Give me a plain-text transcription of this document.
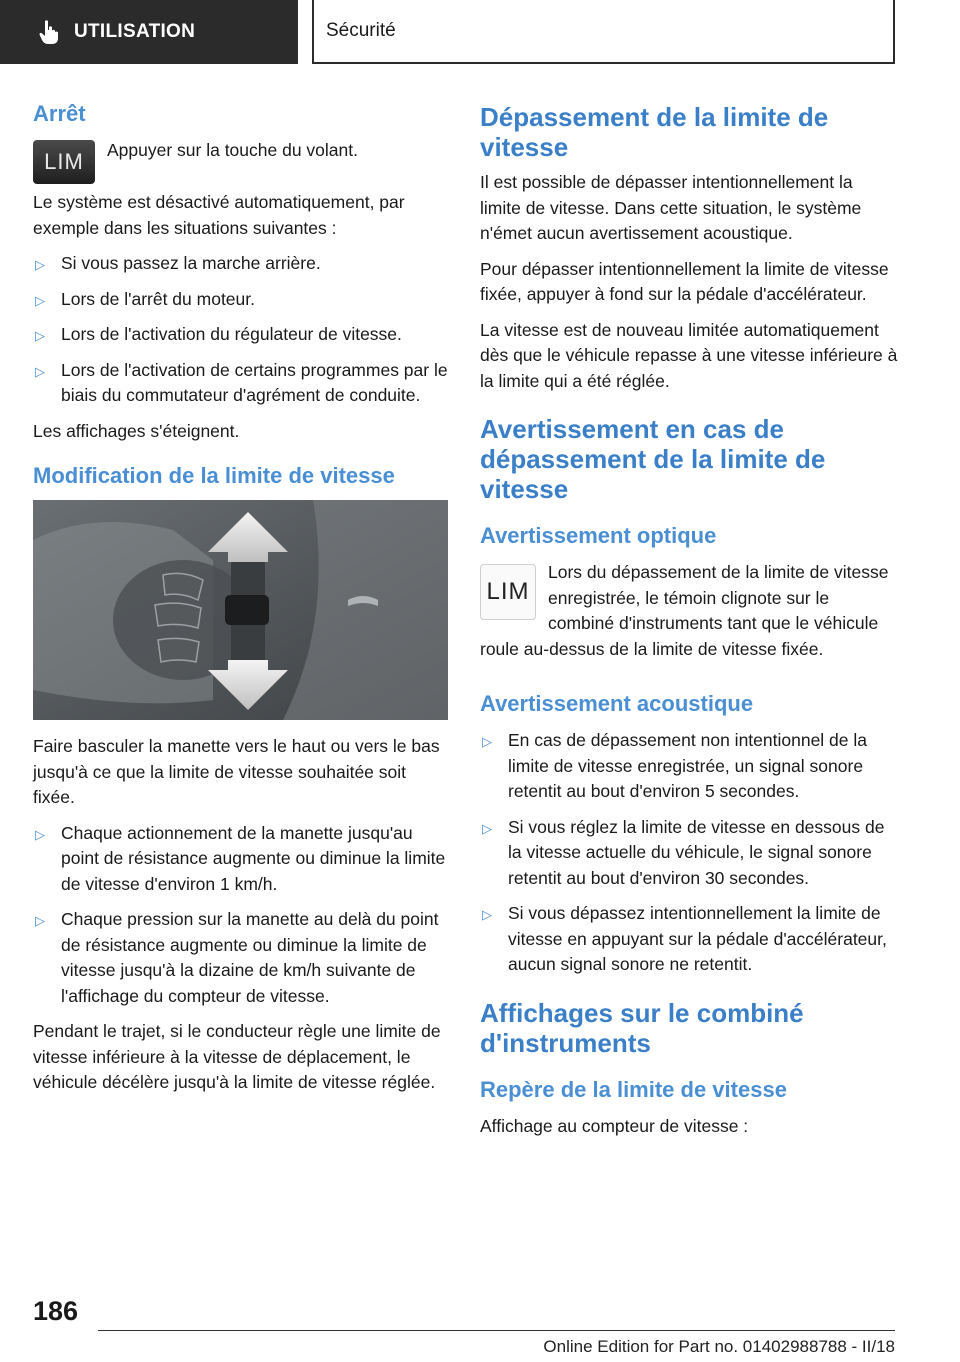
UTILISATION	Sécurité
Arrêt
LIM	Appuyer sur la touche du volant.

Le système est désactivé automatiquement, par exemple dans les situations suivantes :

▷ Si vous passez la marche arrière.
▷ Lors de l'arrêt du moteur.
▷ Lors de l'activation du régulateur de vitesse.
▷ Lors de l'activation de certains programmes par le biais du commutateur d'agrément de conduite.

Les affichages s'éteignent.

Modification de la limite de vitesse

Faire basculer la manette vers le haut ou vers le bas jusqu'à ce que la limite de vitesse souhaitée soit fixée.

▷ Chaque actionnement de la manette jusqu'au point de résistance augmente ou diminue la limite de vitesse d'environ 1 km/h.
▷ Chaque pression sur la manette au delà du point de résistance augmente ou diminue la limite de vitesse jusqu'à la dizaine de km/h suivante de l'affichage du compteur de vitesse.

Pendant le trajet, si le conducteur règle une limite de vitesse inférieure à la vitesse de déplacement, le véhicule décélère jusqu'à la limite de vitesse réglée.

Dépassement de la limite de vitesse

Il est possible de dépasser intentionnellement la limite de vitesse. Dans cette situation, le système n'émet aucun avertissement acoustique.

Pour dépasser intentionnellement la limite de vitesse fixée, appuyer à fond sur la pédale d'accélérateur.

La vitesse est de nouveau limitée automatiquement dès que le véhicule repasse à une vitesse inférieure à la limite qui a été réglée.

Avertissement en cas de dépassement de la limite de vitesse
Avertissement optique
LIM

Lors du dépassement de la limite de vitesse enregistrée, le témoin clignote sur le combiné d'instruments tant que le véhicule roule au-dessus de la limite de vitesse fixée.

Avertissement acoustique
▷ En cas de dépassement non intentionnel de la limite de vitesse enregistrée, un signal sonore retentit au bout d'environ 5 secondes.
▷ Si vous réglez la limite de vitesse en dessous de la vitesse actuelle du véhicule, le signal sonore retentit au bout d'environ 30 secondes.
▷ Si vous dépassez intentionnellement la limite de vitesse en appuyant sur la pédale d'accélérateur, aucun signal sonore ne retentit.
Affichages sur le combiné d'instruments
Repère de la limite de vitesse

Affichage au compteur de vitesse :

186
Online Edition for Part no. 01402988788 - II/18
